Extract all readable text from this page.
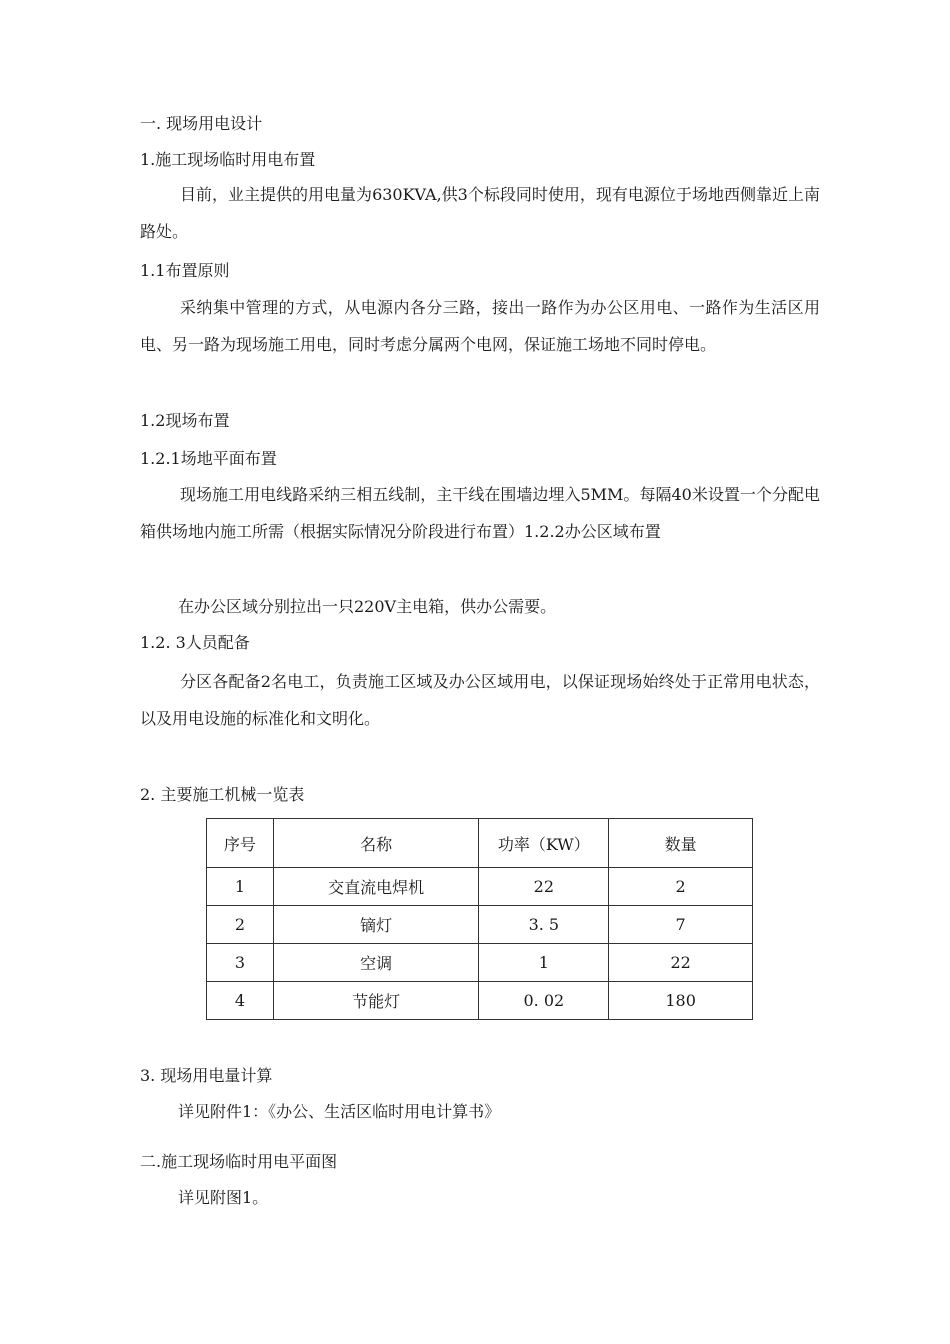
一. 现场用电设计
1.施工现场临时用电布置
目前，业主提供的用电量为630KVA,供3个标段同时使用，现有电源位于场地西侧靠近上南路处。
1.1布置原则
采纳集中管理的方式，从电源内各分三路，接出一路作为办公区用电、一路作为生活区用电、另一路为现场施工用电，同时考虑分属两个电网，保证施工场地不同时停电。
1.2现场布置
1.2.1场地平面布置
现场施工用电线路采纳三相五线制，主干线在围墙边埋入5MM。每隔40米设置一个分配电箱供场地内施工所需（根据实际情况分阶段进行布置）1.2.2办公区域布置
在办公区域分别拉出一只220V主电箱，供办公需要。
1.2. 3人员配备
分区各配备2名电工，负责施工区域及办公区域用电，以保证现场始终处于正常用电状态，以及用电设施的标准化和文明化。
2. 主要施工机械一览表
序号	名称	功率（KW）	数量
1	交直流电焊机	22	2
2	镝灯	3. 5	7
3	空调	1	22
4	节能灯	0. 02	180
3. 现场用电量计算
详见附件1：《办公、生活区临时用电计算书》
二.施工现场临时用电平面图
详见附图1。
